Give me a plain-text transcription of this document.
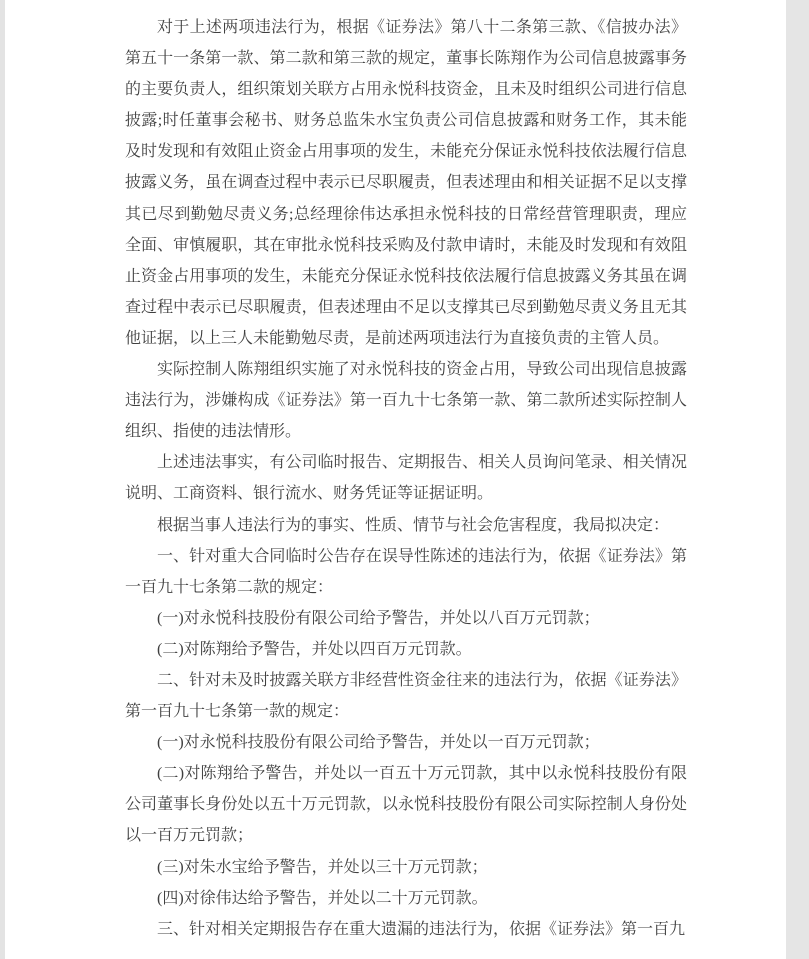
对于上述两项违法行为，根据《证券法》第八十二条第三款、《信披办法》第五十一条第一款、第二款和第三款的规定，董事长陈翔作为公司信息披露事务的主要负责人，组织策划关联方占用永悦科技资金，且未及时组织公司进行信息披露;时任董事会秘书、财务总监朱水宝负责公司信息披露和财务工作，其未能及时发现和有效阻止资金占用事项的发生，未能充分保证永悦科技依法履行信息披露义务，虽在调查过程中表示已尽职履责，但表述理由和相关证据不足以支撑其已尽到勤勉尽责义务;总经理徐伟达承担永悦科技的日常经营管理职责，理应全面、审慎履职，其在审批永悦科技采购及付款申请时，未能及时发现和有效阻止资金占用事项的发生，未能充分保证永悦科技依法履行信息披露义务其虽在调查过程中表示已尽职履责，但表述理由不足以支撑其已尽到勤勉尽责义务且无其他证据，以上三人未能勤勉尽责，是前述两项违法行为直接负责的主管人员。

实际控制人陈翔组织实施了对永悦科技的资金占用，导致公司出现信息披露违法行为，涉嫌构成《证券法》第一百九十七条第一款、第二款所述实际控制人组织、指使的违法情形。

上述违法事实，有公司临时报告、定期报告、相关人员询问笔录、相关情况说明、工商资料、银行流水、财务凭证等证据证明。

根据当事人违法行为的事实、性质、情节与社会危害程度，我局拟决定：

一、针对重大合同临时公告存在误导性陈述的违法行为，依据《证券法》第一百九十七条第二款的规定：

(一)对永悦科技股份有限公司给予警告，并处以八百万元罚款；

(二)对陈翔给予警告，并处以四百万元罚款。

二、针对未及时披露关联方非经营性资金往来的违法行为，依据《证券法》第一百九十七条第一款的规定：

(一)对永悦科技股份有限公司给予警告，并处以一百万元罚款；

(二)对陈翔给予警告，并处以一百五十万元罚款，其中以永悦科技股份有限公司董事长身份处以五十万元罚款，以永悦科技股份有限公司实际控制人身份处以一百万元罚款；

(三)对朱水宝给予警告，并处以三十万元罚款；

(四)对徐伟达给予警告，并处以二十万元罚款。

三、针对相关定期报告存在重大遗漏的违法行为，依据《证券法》第一百九
